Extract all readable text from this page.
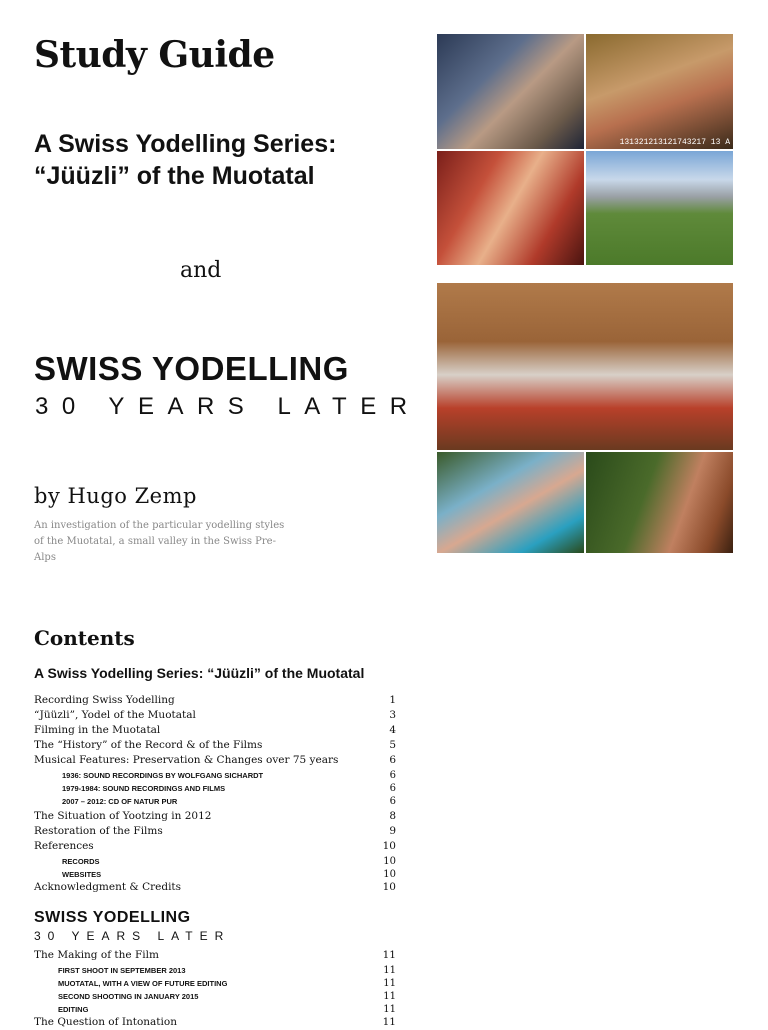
Study Guide
A Swiss Yodelling Series:
“Jüüzli” of the Muotatal
and
SWISS YODELLING
30 YEARS LATER
by Hugo Zemp
An investigation of the particular yodelling styles
of the Muotatal, a small valley in the Swiss Pre-Alps
131321213121743217 13 A
Contents
A Swiss Yodelling Series: “Jüüzli” of the Muotatal
Recording Swiss Yodelling	1
“Jüüzli”, Yodel of the Muotatal	3
Filming in the Muotatal	4
The “History” of the Record & of the Films	5
Musical Features: Preservation & Changes over 75 years	6
1936: SOUND RECORDINGS BY WOLFGANG SICHARDT	6
1979-1984: SOUND RECORDINGS AND FILMS	6
2007 – 2012: CD OF NATUR PUR	6
The Situation of Yootzing in 2012	8
Restoration of the Films	9
References	10
RECORDS	10
WEBSITES	10
Acknowledgment & Credits	10
SWISS YODELLING
30 YEARS LATER
The Making of the Film	11
FIRST SHOOT IN SEPTEMBER 2013	11
MUOTATAL, WITH A VIEW OF FUTURE EDITING	11
SECOND SHOOTING IN JANUARY 2015	11
EDITING	11
The Question of Intonation	11
